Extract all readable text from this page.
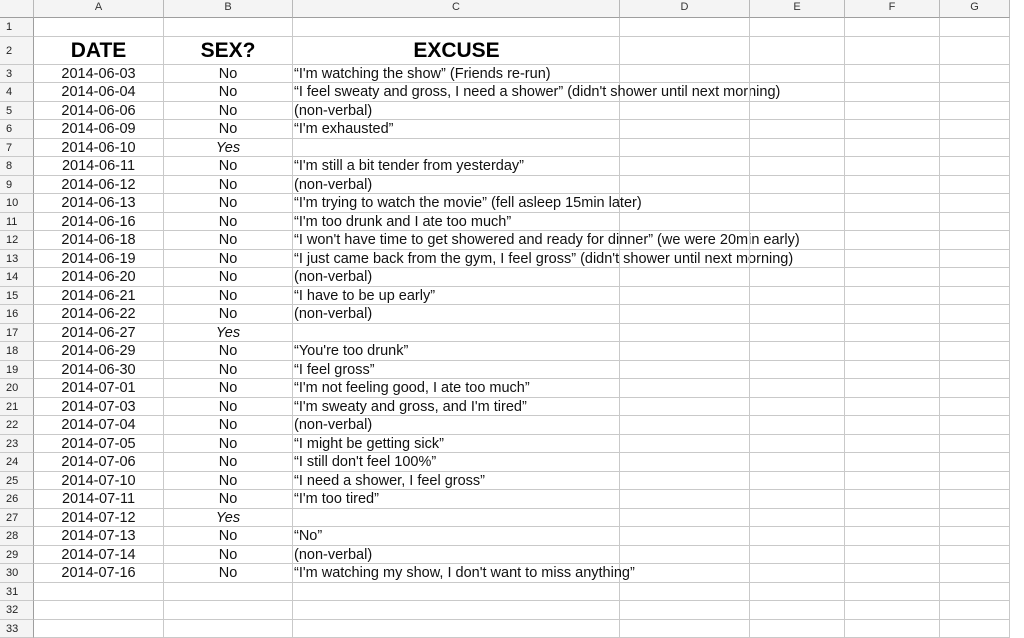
A	B	C	D	E	F	G
1
2	DATE	SEX?	EXCUSE
3	2014-06-03	No	“I'm watching the show” (Friends re-run)
4	2014-06-04	No	“I feel sweaty and gross, I need a shower” (didn't shower until next morning)
5	2014-06-06	No	(non-verbal)
6	2014-06-09	No	“I'm exhausted”
7	2014-06-10	Yes
8	2014-06-11	No	“I'm still a bit tender from yesterday”
9	2014-06-12	No	(non-verbal)
10	2014-06-13	No	“I'm trying to watch the movie” (fell asleep 15min later)
11	2014-06-16	No	“I'm too drunk and I ate too much”
12	2014-06-18	No	“I won't have time to get showered and ready for dinner” (we were 20min early)
13	2014-06-19	No	“I just came back from the gym, I feel gross” (didn't shower until next morning)
14	2014-06-20	No	(non-verbal)
15	2014-06-21	No	“I have to be up early”
16	2014-06-22	No	(non-verbal)
17	2014-06-27	Yes
18	2014-06-29	No	“You're too drunk”
19	2014-06-30	No	“I feel gross”
20	2014-07-01	No	“I'm not feeling good, I ate too much”
21	2014-07-03	No	“I'm sweaty and gross, and I'm tired”
22	2014-07-04	No	(non-verbal)
23	2014-07-05	No	“I might be getting sick”
24	2014-07-06	No	“I still don't feel 100%”
25	2014-07-10	No	“I need a shower, I feel gross”
26	2014-07-11	No	“I'm too tired”
27	2014-07-12	Yes
28	2014-07-13	No	“No”
29	2014-07-14	No	(non-verbal)
30	2014-07-16	No	“I'm watching my show, I don't want to miss anything”
31
32
33
